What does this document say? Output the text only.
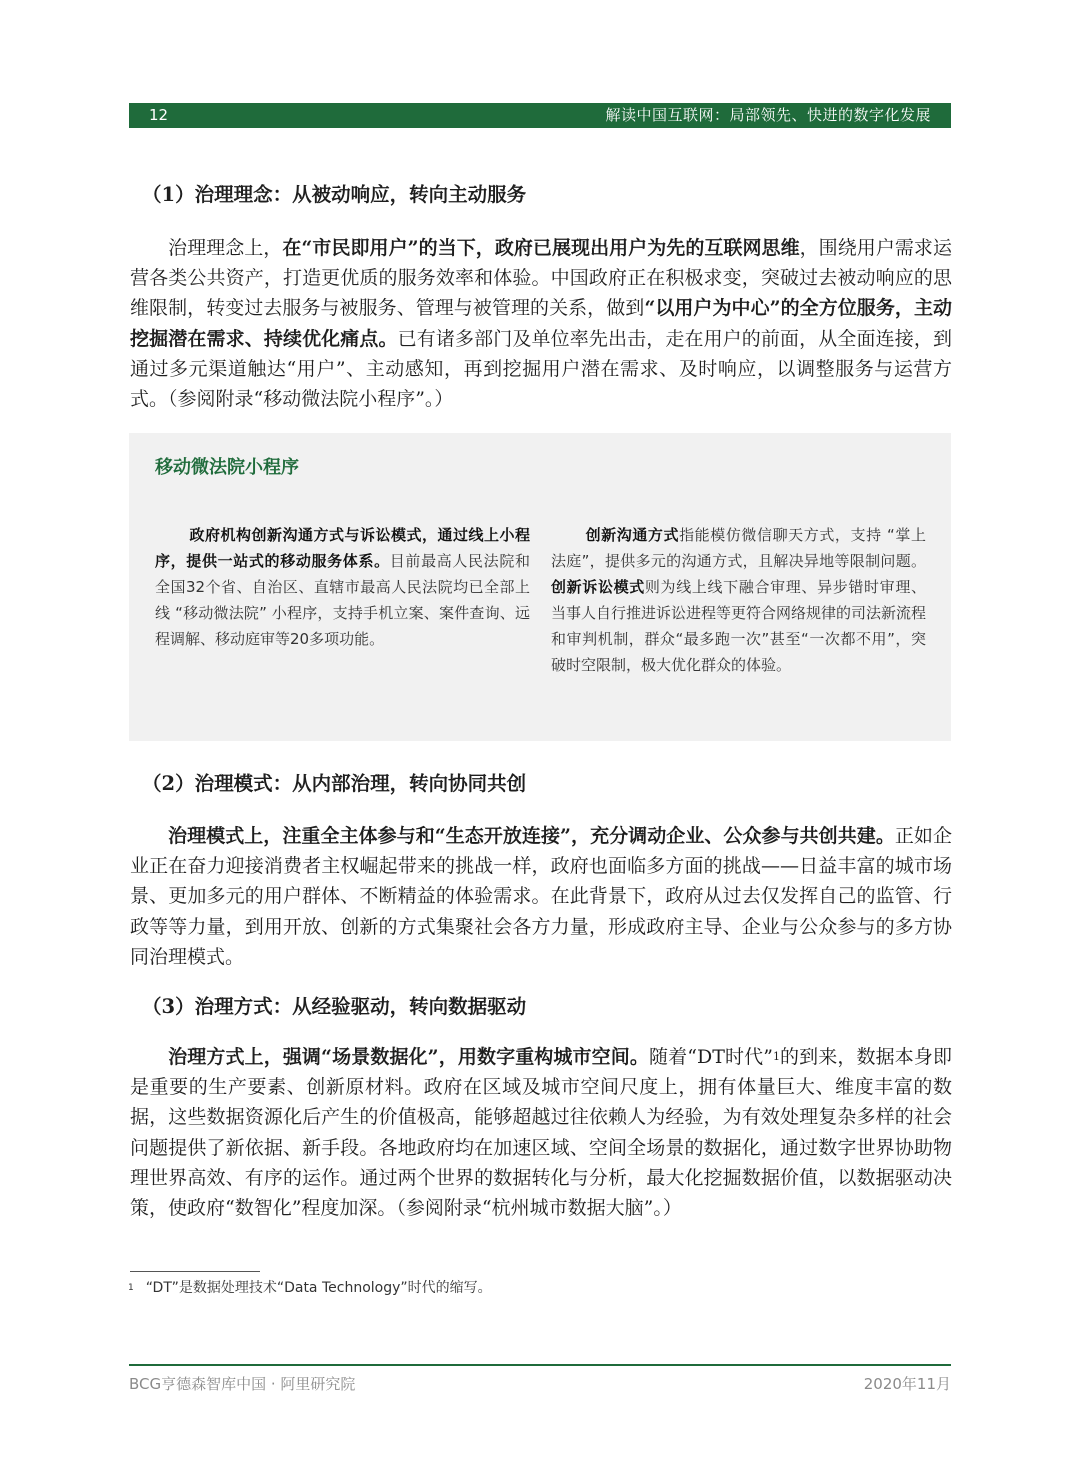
12	解读中国互联网：局部领先、快进的数字化发展
（1）治理理念：从被动响应，转向主动服务
治理理念上，在“市民即用户”的当下，政府已展现出用户为先的互联网思维，围绕用户需求运营各类公共资产，打造更优质的服务效率和体验。中国政府正在积极求变，突破过去被动响应的思维限制，转变过去服务与被服务、管理与被管理的关系，做到“以用户为中心”的全方位服务，主动挖掘潜在需求、持续优化痛点。已有诸多部门及单位率先出击，走在用户的前面，从全面连接，到通过多元渠道触达“用户”、主动感知，再到挖掘用户潜在需求、及时响应，以调整服务与运营方式。（参阅附录“移动微法院小程序”。）
移动微法院小程序
政府机构创新沟通方式与诉讼模式，通过线上小程序，提供一站式的移动服务体系。目前最高人民法院和全国32个省、自治区、直辖市最高人民法院均已全部上线 “移动微法院” 小程序，支持手机立案、案件查询、远程调解、移动庭审等20多项功能。
创新沟通方式指能模仿微信聊天方式，支持 “掌上法庭”，提供多元的沟通方式，且解决异地等限制问题。创新诉讼模式则为线上线下融合审理、异步错时审理、当事人自行推进诉讼进程等更符合网络规律的司法新流程和审判机制，群众“最多跑一次”甚至“一次都不用”，突破时空限制，极大优化群众的体验。
（2）治理模式：从内部治理，转向协同共创
治理模式上，注重全主体参与和“生态开放连接”，充分调动企业、公众参与共创共建。正如企业正在奋力迎接消费者主权崛起带来的挑战一样，政府也面临多方面的挑战——日益丰富的城市场景、更加多元的用户群体、不断精益的体验需求。在此背景下，政府从过去仅发挥自己的监管、行政等等力量，到用开放、创新的方式集聚社会各方力量，形成政府主导、企业与公众参与的多方协同治理模式。
（3）治理方式：从经验驱动，转向数据驱动
治理方式上，强调“场景数据化”，用数字重构城市空间。随着“DT时代”$^1$的到来，数据本身即是重要的生产要素、创新原材料。政府在区域及城市空间尺度上，拥有体量巨大、维度丰富的数据，这些数据资源化后产生的价值极高，能够超越过往依赖人为经验，为有效处理复杂多样的社会问题提供了新依据、新手段。各地政府均在加速区域、空间全场景的数据化，通过数字世界协助物理世界高效、有序的运作。通过两个世界的数据转化与分析，最大化挖掘数据价值，以数据驱动决策，使政府“数智化”程度加深。（参阅附录“杭州城市数据大脑”。）
$^1$ “DT”是数据处理技术“Data Technology”时代的缩写。
BCG亨德森智库中国 · 阿里研究院	2020年11月
